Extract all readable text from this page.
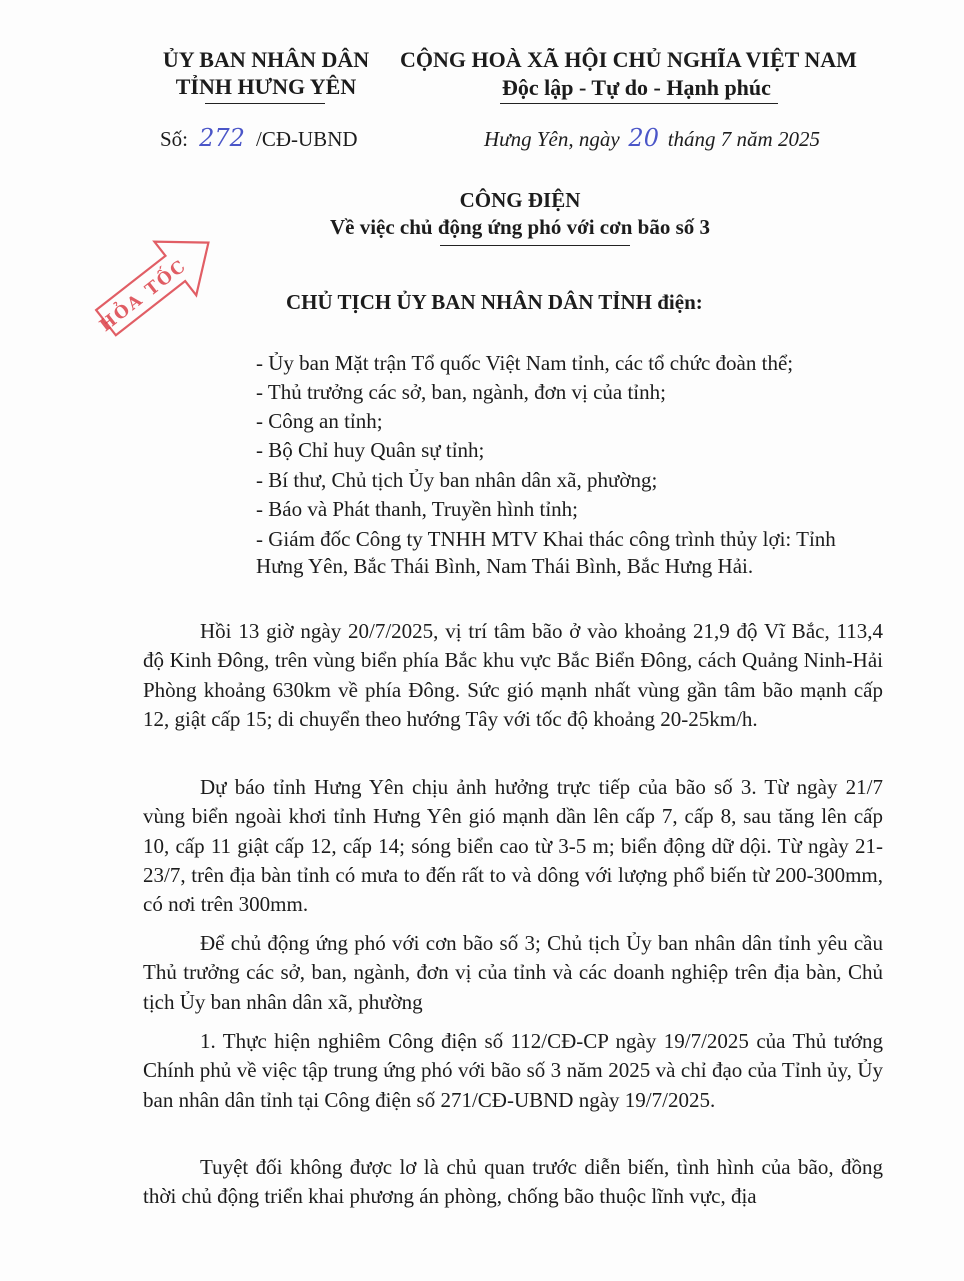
ỦY BAN NHÂN DÂN
TỈNH HƯNG YÊN
CỘNG HOÀ XÃ HỘI CHỦ NGHĨA VIỆT NAM
Độc lập - Tự do - Hạnh phúc
Số: 272 /CĐ-UBND	Hưng Yên, ngày 20 tháng 7 năm 2025
HỎA TỐC
CÔNG ĐIỆN
Về việc chủ động ứng phó với cơn bão số 3
CHỦ TỊCH ỦY BAN NHÂN DÂN TỈNH điện:
- Ủy ban Mặt trận Tổ quốc Việt Nam tỉnh, các tổ chức đoàn thể;
- Thủ trưởng các sở, ban, ngành, đơn vị của tỉnh;
- Công an tỉnh;
- Bộ Chỉ huy Quân sự tỉnh;
- Bí thư, Chủ tịch Ủy ban nhân dân xã, phường;
- Báo và Phát thanh, Truyền hình tỉnh;
- Giám đốc Công ty TNHH MTV Khai thác công trình thủy lợi: Tỉnh
Hưng Yên, Bắc Thái Bình, Nam Thái Bình, Bắc Hưng Hải.
Hồi 13 giờ ngày 20/7/2025, vị trí tâm bão ở vào khoảng 21,9 độ Vĩ Bắc, 113,4 độ Kinh Đông, trên vùng biển phía Bắc khu vực Bắc Biển Đông, cách Quảng Ninh-Hải Phòng khoảng 630km về phía Đông. Sức gió mạnh nhất vùng gần tâm bão mạnh cấp 12, giật cấp 15; di chuyển theo hướng Tây với tốc độ khoảng 20-25km/h.
Dự báo tỉnh Hưng Yên chịu ảnh hưởng trực tiếp của bão số 3. Từ ngày 21/7 vùng biển ngoài khơi tỉnh Hưng Yên gió mạnh dần lên cấp 7, cấp 8, sau tăng lên cấp 10, cấp 11 giật cấp 12, cấp 14; sóng biển cao từ 3-5 m; biển động dữ dội. Từ ngày 21-23/7, trên địa bàn tỉnh có mưa to đến rất to và dông với lượng phổ biến từ 200-300mm, có nơi trên 300mm.
Để chủ động ứng phó với cơn bão số 3; Chủ tịch Ủy ban nhân dân tỉnh yêu cầu Thủ trưởng các sở, ban, ngành, đơn vị của tỉnh và các doanh nghiệp trên địa bàn, Chủ tịch Ủy ban nhân dân xã, phường
1. Thực hiện nghiêm Công điện số 112/CĐ-CP ngày 19/7/2025 của Thủ tướng Chính phủ về việc tập trung ứng phó với bão số 3 năm 2025 và chỉ đạo của Tỉnh ủy, Ủy ban nhân dân tỉnh tại Công điện số 271/CĐ-UBND ngày 19/7/2025.
Tuyệt đối không được lơ là chủ quan trước diễn biến, tình hình của bão, đồng thời chủ động triển khai phương án phòng, chống bão thuộc lĩnh vực, địa
